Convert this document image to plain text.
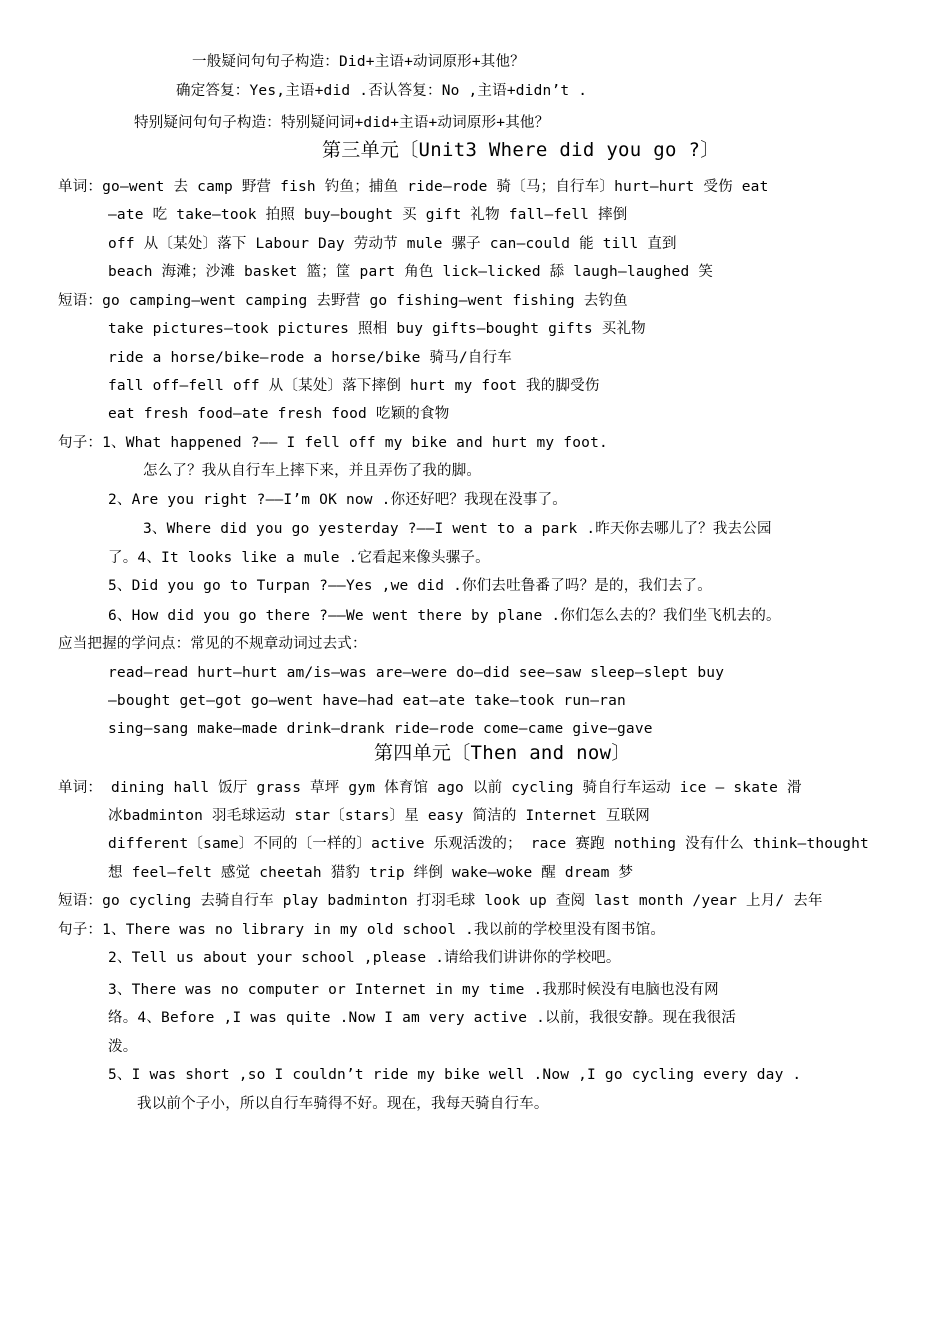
一般疑问句句子构造：Did+主语+动词原形+其他？
确定答复：Yes,主语+did .否认答复：No ,主语+didn’t .
特别疑问句句子构造：特别疑问词+did+主语+动词原形+其他？
第三单元〔Unit3 Where did you go ?〕
单词：go—went 去 camp 野营 fish 钓鱼；捕鱼 ride—rode 骑〔马；自行车〕hurt—hurt 受伤 eat
—ate 吃 take—took 拍照 buy—bought 买 gift 礼物 fall—fell 摔倒
off 从〔某处〕落下 Labour Day 劳动节 mule 骡子 can—could 能 till 直到
beach 海滩；沙滩 basket 篮；筐 part 角色 lick—licked 舔 laugh—laughed 笑
短语：go camping—went camping 去野营 go fishing—went fishing 去钓鱼
take pictures—took pictures 照相 buy gifts—bought gifts 买礼物
ride a horse/bike—rode a horse/bike 骑马/自行车
fall off—fell off 从〔某处〕落下摔倒 hurt my foot 我的脚受伤
eat fresh food—ate fresh food 吃颖的食物
句子：1、What happened ?—— I fell off my bike and hurt my foot.
怎么了？我从自行车上摔下来，并且弄伤了我的脚。
2、Are you right ?——I’m OK now .你还好吧？我现在没事了。
3、Where did you go yesterday ?——I went to a park .昨天你去哪儿了？我去公园
了。4、It looks like a mule .它看起来像头骡子。
5、Did you go to Turpan ?——Yes ,we did .你们去吐鲁番了吗？是的，我们去了。
6、How did you go there ?——We went there by plane .你们怎么去的？我们坐飞机去的。
应当把握的学问点：常见的不规章动词过去式：
read—read hurt—hurt am/is—was are—were do—did see—saw sleep—slept buy
—bought get—got go—went have—had eat—ate take—took run—ran
sing—sang make—made drink—drank ride—rode come—came give—gave
第四单元〔Then and now〕
单词： dining hall 饭厅 grass 草坪 gym 体育馆 ago 以前 cycling 骑自行车运动 ice — skate 滑
冰badminton 羽毛球运动 star〔stars〕星 easy 简洁的 Internet 互联网
different〔same〕不同的〔一样的〕active 乐观活泼的； race 赛跑 nothing 没有什么 think—thought
想 feel—felt 感觉 cheetah 猎豹 trip 绊倒 wake—woke 醒 dream 梦
短语：go cycling 去骑自行车 play badminton 打羽毛球 look up 查阅 last month /year 上月/ 去年
句子：1、There was no library in my old school .我以前的学校里没有图书馆。
2、Tell us about your school ,please .请给我们讲讲你的学校吧。
3、There was no computer or Internet in my time .我那时候没有电脑也没有网
络。4、Before ,I was quite .Now I am very active .以前，我很安静。现在我很活
泼。
5、I was short ,so I couldn’t ride my bike well .Now ,I go cycling every day .
我以前个子小，所以自行车骑得不好。现在，我每天骑自行车。
